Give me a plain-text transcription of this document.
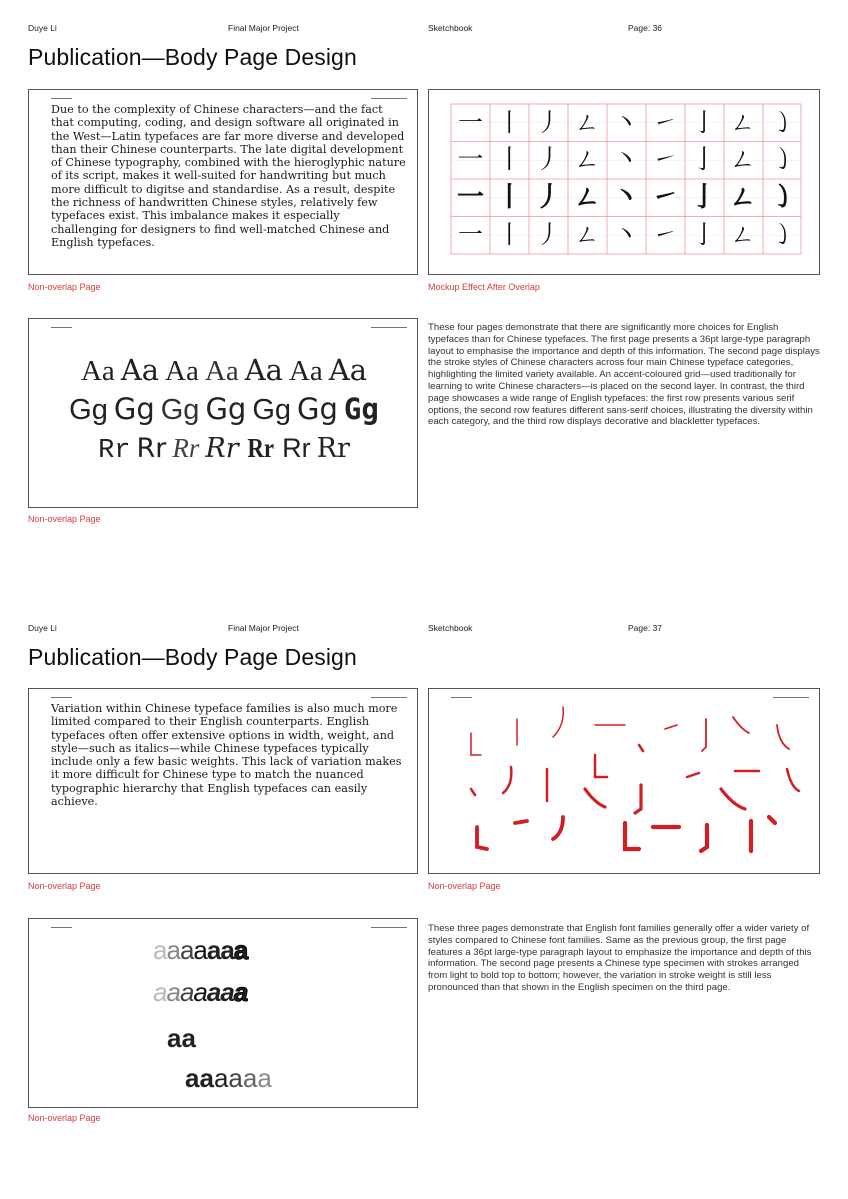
Duye Li	Final Major Project	Sketchbook	Page: 36
Publication—Body Page Design
▬▬▬▬▬▬▬	▬▬▬▬▬▬▬▬▬▬▬▬
Due to the complexity of Chinese characters—and the fact that computing, coding, and design software all originated in the West—Latin typefaces are far more diverse and developed than their Chinese counterparts. The late digital development of Chinese typography, combined with the hieroglyphic nature of its script, makes it well-suited for handwriting but much more difficult to digitse and standardise. As a result, despite the richness of handwritten Chinese styles, relatively few typefaces exist. This imbalance makes it especially challenging for designers to find well-matched Chinese and English typefaces.
Non-overlap Page
一 丨 丿 ㄥ 丶 ㇀ 亅 ㄥ ㇁
一 丨 丿 ㄥ 丶 ㇀ 亅 ㄥ ㇁
一 丨 丿 ㄥ 丶 ㇀ 亅 ㄥ ㇁
一 丨 丿 ㄥ 丶 ㇀ 亅 ㄥ ㇁
Mockup Effect After Overlap
▬▬▬▬▬▬▬	▬▬▬▬▬▬▬▬▬▬▬▬
Aa Aa Aa Aa Aa Aa Aa
Gg Gg Gg Gg Gg Gg Gg
Rr Rr Rr Rr Rr Rr Rr
Non-overlap Page
These four pages demonstrate that there are significantly more choices for English typefaces than for Chinese typefaces. The first page presents a 36pt large-type paragraph layout to emphasise the importance and depth of this information. The second page displays the stroke styles of Chinese characters across four main Chinese typeface categories, highlighting the limited variety available. An accent-coloured grid—used traditionally for learning to write Chinese characters—is placed on the second layer. In contrast, the third page showcases a wide range of English typefaces: the first row presents various serif options, the second row features different sans-serif choices, illustrating the diversity within each category, and the third row displays decorative and blackletter typefaces.
Duye Li	Final Major Project	Sketchbook	Page: 37
Publication—Body Page Design
▬▬▬▬▬▬▬	▬▬▬▬▬▬▬▬▬▬▬▬
Variation within Chinese typeface families is also much more limited compared to their English counterparts. English typefaces often offer extensive options in width, weight, and style—such as italics—while Chinese typefaces typically include only a few basic weights. This lack of variation makes it more difficult for Chinese type to match the nuanced typographic hierarchy that English typefaces can easily achieve.
Non-overlap Page
▬▬▬▬▬▬▬	▬▬▬▬▬▬▬▬▬▬▬▬
Non-overlap Page
▬▬▬▬▬▬▬	▬▬▬▬▬▬▬▬▬▬▬▬
aaaaaaa
aaaaaaa
aa
aaaaaa
Non-overlap Page
These three pages demonstrate that English font families generally offer a wider variety of styles compared to Chinese font families. Same as the previous group, the first page features a 36pt large-type paragraph layout to emphasize the importance and depth of this information. The second page presents a Chinese type specimen with strokes arranged from light to bold top to bottom; however, the variation in stroke weight is still less pronounced than that shown in the English specimen on the third page.
